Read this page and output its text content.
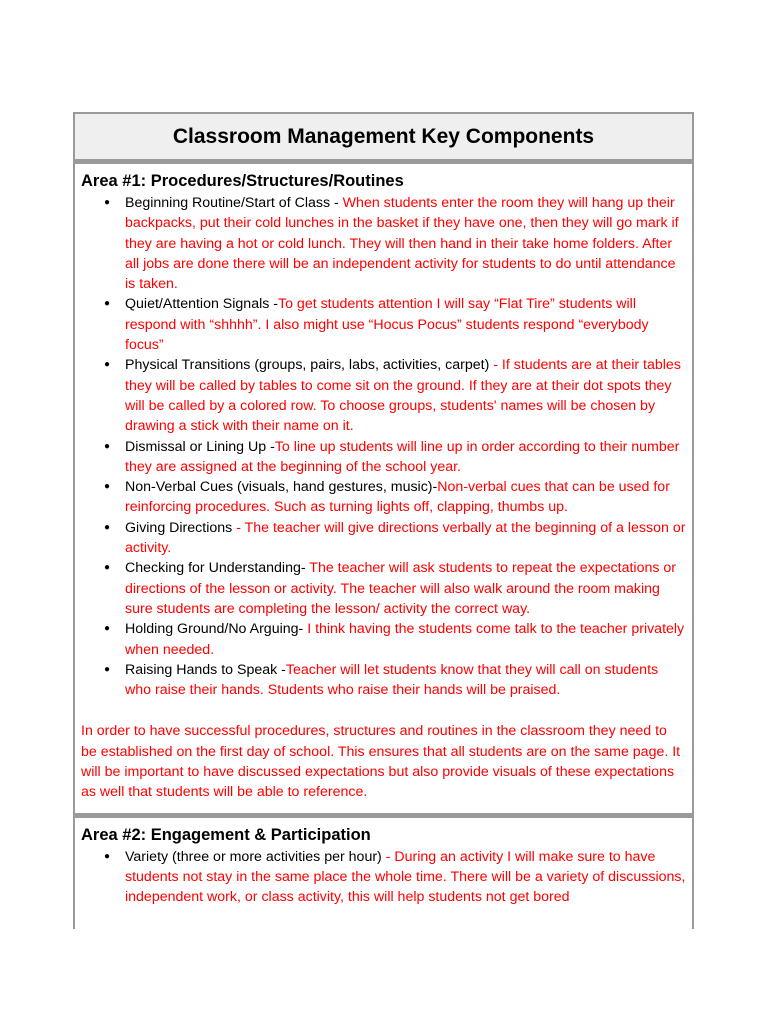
Classroom Management Key Components
Area #1: Procedures/Structures/Routines
● Beginning Routine/Start of Class - When students enter the room they will hang up their backpacks, put their cold lunches in the basket if they have one, then they will go mark if they are having a hot or cold lunch. They will then hand in their take home folders. After all jobs are done there will be an independent activity for students to do until attendance is taken.
● Quiet/Attention Signals -To get students attention I will say “Flat Tire” students will respond with “shhhh”. I also might use “Hocus Pocus” students respond “everybody focus”
● Physical Transitions (groups, pairs, labs, activities, carpet) - If students are at their tables they will be called by tables to come sit on the ground. If they are at their dot spots they will be called by a colored row. To choose groups, students' names will be chosen by drawing a stick with their name on it.
● Dismissal or Lining Up -To line up students will line up in order according to their number they are assigned at the beginning of the school year.
● Non-Verbal Cues (visuals, hand gestures, music)-Non-verbal cues that can be used for reinforcing procedures. Such as turning lights off, clapping, thumbs up.
● Giving Directions - The teacher will give directions verbally at the beginning of a lesson or activity.
● Checking for Understanding- The teacher will ask students to repeat the expectations or directions of the lesson or activity. The teacher will also walk around the room making sure students are completing the lesson/ activity the correct way.
● Holding Ground/No Arguing- I think having the students come talk to the teacher privately when needed.
● Raising Hands to Speak -Teacher will let students know that they will call on students who raise their hands. Students who raise their hands will be praised.

In order to have successful procedures, structures and routines in the classroom they need to be established on the first day of school. This ensures that all students are on the same page. It will be important to have discussed expectations but also provide visuals of these expectations as well that students will be able to reference.

Area #2: Engagement & Participation
● Variety (three or more activities per hour) - During an activity I will make sure to have students not stay in the same place the whole time. There will be a variety of discussions, independent work, or class activity, this will help students not get bored
